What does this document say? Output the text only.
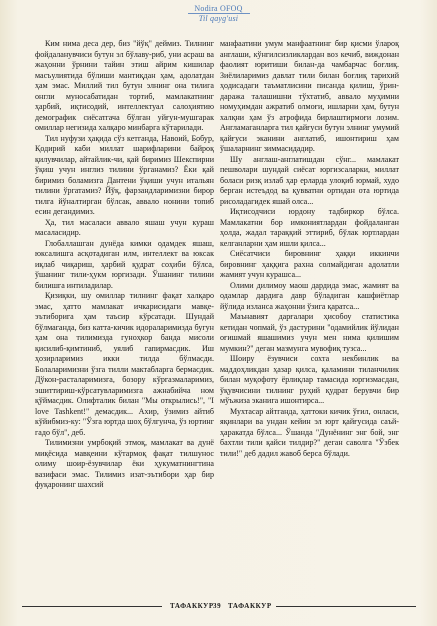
Nodira OFOQ
Til qayg'usi

Ким нима деса дер, биз "йўқ" деймиз. Тилнинг фойдаланувчиси бутун эл бўлаву-риб, уни асраш ва жаҳонни ўрнини тайин этиш айрим кишилар масъулиятида бўлиши мантиқдан ҳам, адолатдан ҳам эмас. Миллий тил бутун элнинг она тилига онгли муносабатидан тортиб, мамлакатнинг ҳарбий, иқтисодий, интеллектуал салоҳиятию демографик сиёсатгача бўлган уйғун-мушгарак омиллар негизида халқаро минбарга кўтарилади.

Тил нуфузи ҳақида сўз кетганда, Навоий, Бобур, Қодирий каби миллат шарифларини байроқ қилувчилар, айтайлик-чи, қай биримиз Шекспирни ўқиш учун инглиз тилини ўрганамиз? Ёки қай биримиз боламизга Дантени ўқиши учун итальян тилини ўргатамиз? Йўқ, фарзандларимизни бирор тилга йўналтирган бўлсак, аввало нонини топиб есин дегандимиз.

Ҳа, тил масаласи аввало яшаш учун кураш масаласидир.

Глобаллашган дунёда кимки одамдек яшаш, юксалишга асқотадиган илм, интеллект ва юксак иқлаб чиқариш, ҳарбий қудрат соҳиби бўлса, ўшанинг тили-ҳукм юргизади. Ўшанинг тилини билишга интиладилар.

Қизиқки, шу омиллар тилнинг фақат халқаро эмас, ҳатто мамлакат ичкарисидаги мавқе-эътиборига ҳам таъсир кўрсатади. Шундай бўлмаганда, биз катта-кичик идораларимизда бугун ҳам она тилимизда гуноҳкор банда мисоли қисилиб-қимтиниб, уялиб гапирмасдик. Иш ҳозирларимиз икки тилда бўлмасди. Болаларимизни ўзга тилли мактабларга бермасдик. Дўкон-расталаримизга, бозору кўргазмаларимиз, эшиттириш-кўрсатувларимизга ажнабийча ном қўймасдик. Олифталик билан "Мы открылись!", "I love Tashkent!" демасдик... Ахир, ўзимиз айтиб кўйибмиз-ку: "Ўзга юртда шоҳ бўлгунча, ўз юртинг гадо бўл", деб.

Тилимизни умрбоқий этмоқ, мамлакат ва дунё миқёсида мавқеини кўтармоқ фақат тилшунос олиму шоир-ёзувчилар ёки ҳукуматнингтина вазифаси эмас. Тилимиз изат-эътибори ҳар бир фуқаронинг шахсий

манфаатини умум манфаатнинг бир қисми ўлароқ англаши, кўнгилсизликлардан воз кечиб, виждонан фаолият юритиши билан-да чамбарчас боғлиқ. Зиёлиларимиз давлат тили билан боғлиқ тарихий ҳодисадаги таъматлисини писанда қилиш, ўрин-даража талашишни тўхтатиб, аввало муҳимни номуҳимдан ажратиб олмоғи, ишларни ҳам, бутун халқни ҳам ўз атрофида бирлаштирмоғи лозим. Англамаганларга тил қайғуси бутун элнинг умумий қайғуси эканини англатиб, ишонтириш ҳам ўшаларнинг зиммасидадир.

Шу англаш-англатишдан сўнг... мамлакат пешволари шундай сиёсат юргизсаларки, миллат боласи ризқ излаб ҳар ерларда улоқиб юрмай, худо берган истеъдод ва қувватни ортидан ота юртида рисоладагидек яшай олса...

Иқтисодчиси юрдону тадбиркор бўлса. Мамлакатни бор имкониятлардан фойдаланган ҳолда, жадал тараққий эттириб, бўлак юртлардан келганларни ҳам ишли қилса...

Сиёсатчиси бировнинг ҳаққи иккинчи бировнинг ҳаққига рахна солмайдиган адолатли жамият учун курашса...

Олими дилимоу маош дардида эмас, жамият ва одамлар дардига давр бўладиган кашфиётлар йўлида изланса жаҳонни ўзига қаратса...

Маънавият дарғалари ҳисобоу статистика кетидан чопмай, ўз дастурини "одамийлик йўлидан оғишмай яшашимиз учун мен нима қилишим мумкин?" деган мазмунга мувофиқ тузса...

Шоиру ёзувчиси сохта некбинлик ва маддоҳликдан ҳазар қилса, қаламини тиланчилик билан муқофоту ёрлиқлар тамасида юргизмасдан, ўқувчисини тилнинг руҳий қудрат берувчи бир мўъжиза эканига ишонтирса...

Мухтасар айтганда, ҳаттоки кичик ўғил, онласи, яқинлари ва ундан кейин эл юрт қайғусида саъй-ҳаракатда бўлса... Ўшанда "Дунёнинг энг бой, энг бахтли тили қайси тилдир?" деган саволга "Ўзбек тили!" деб дадил жавоб берса бўлади.

ТАФАККУР 39 ТАФАККУР
